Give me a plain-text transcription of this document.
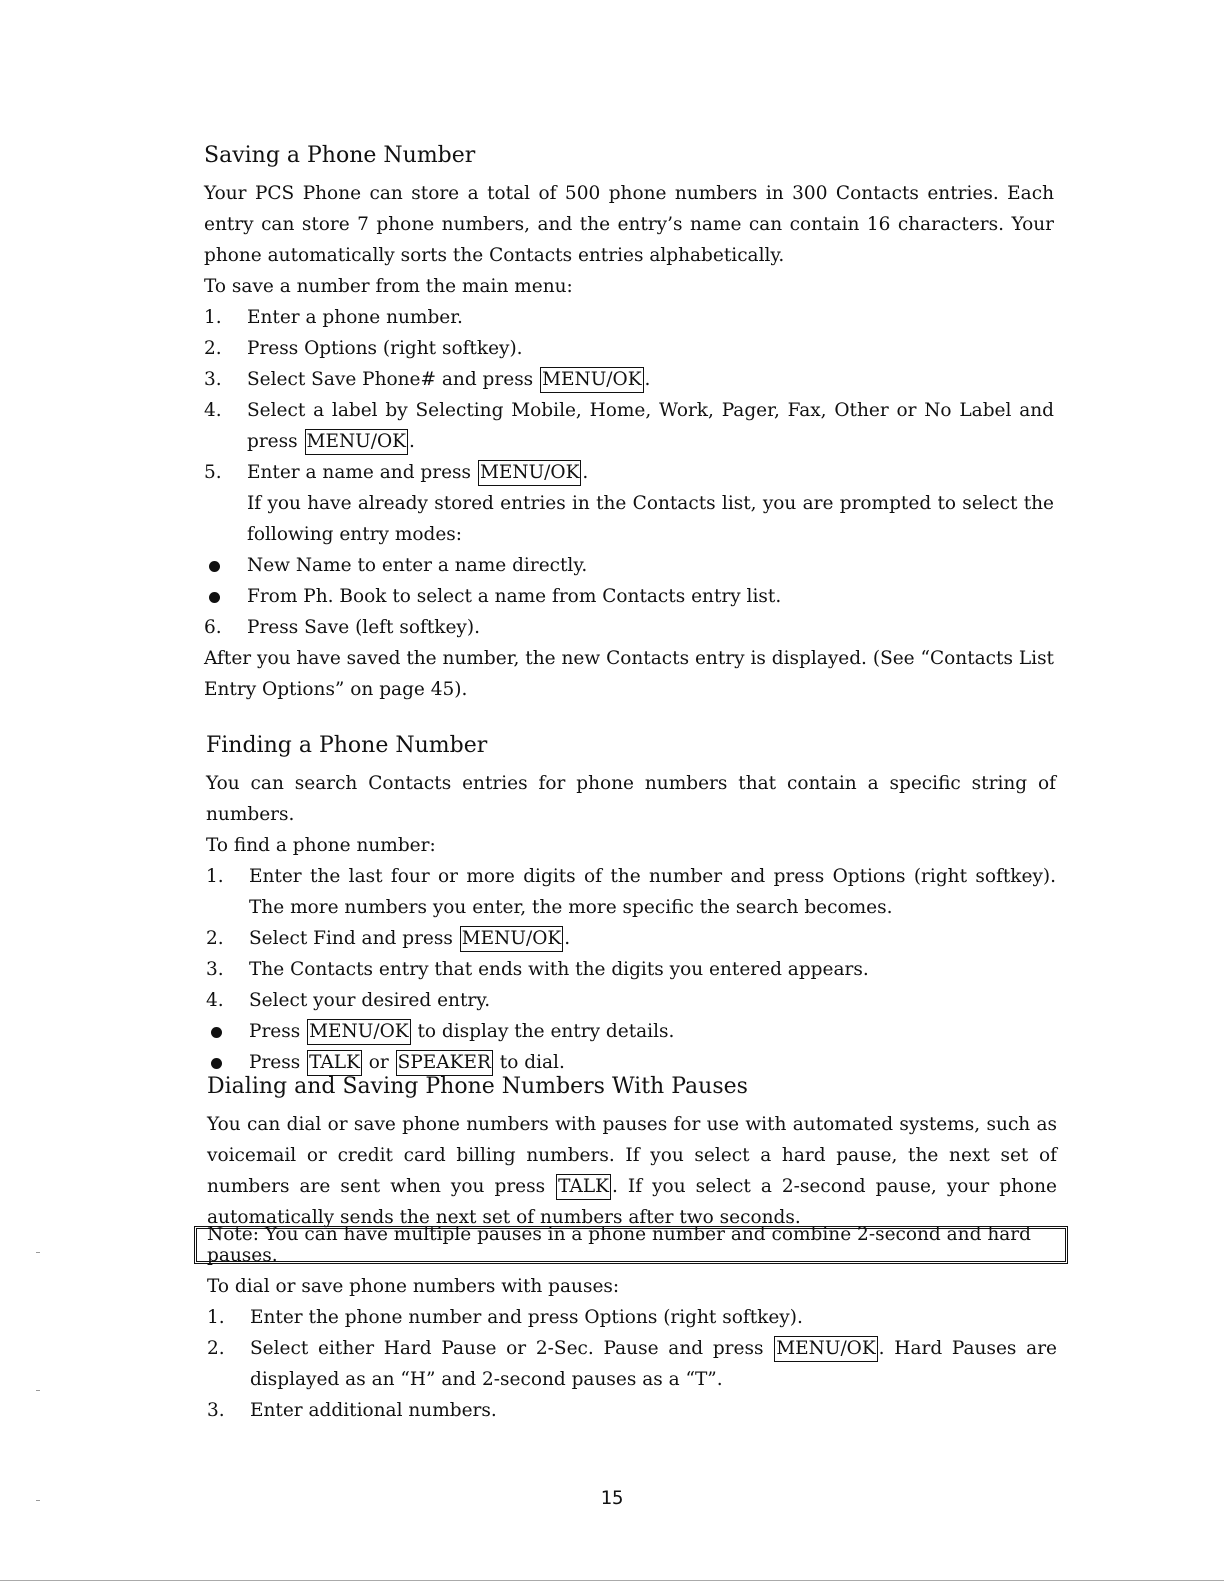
Saving a Phone Number

Your PCS Phone can store a total of 500 phone numbers in 300 Contacts entries. Each entry can store 7 phone numbers, and the entry’s name can contain 16 characters. Your phone automatically sorts the Contacts entries alphabetically.

To save a number from the main menu:

1. Enter a phone number.
2. Press Options (right softkey).
3. Select Save Phone# and press MENU/OK .
4. Select a label by Selecting Mobile, Home, Work, Pager, Fax, Other or No Label and press MENU/OK .
5. Enter a name and press MENU/OK .
If you have already stored entries in the Contacts list, you are prompted to select the following entry modes:
New Name to enter a name directly.
From Ph. Book to select a name from Contacts entry list.
6. Press Save (left softkey).

After you have saved the number, the new Contacts entry is displayed. (See “Contacts List Entry Options” on page 45).

Finding a Phone Number

You can search Contacts entries for phone numbers that contain a specific string of numbers.

To find a phone number:

1. Enter the last four or more digits of the number and press Options (right softkey). The more numbers you enter, the more specific the search becomes.
2. Select Find and press MENU/OK .
3. The Contacts entry that ends with the digits you entered appears.
4. Select your desired entry.
Press MENU/OK to display the entry details.
Press TALK or SPEAKER to dial.
Dialing and Saving Phone Numbers With Pauses

You can dial or save phone numbers with pauses for use with automated systems, such as voicemail or credit card billing numbers. If you select a hard pause, the next set of numbers are sent when you press TALK . If you select a 2-second pause, your phone automatically sends the next set of numbers after two seconds.

Note: You can have multiple pauses in a phone number and combine 2-second and hard pauses.

To dial or save phone numbers with pauses:

1. Enter the phone number and press Options (right softkey).
2. Select either Hard Pause or 2-Sec. Pause and press MENU/OK . Hard Pauses are displayed as an “H” and 2-second pauses as a “T”.
3. Enter additional numbers.
15
